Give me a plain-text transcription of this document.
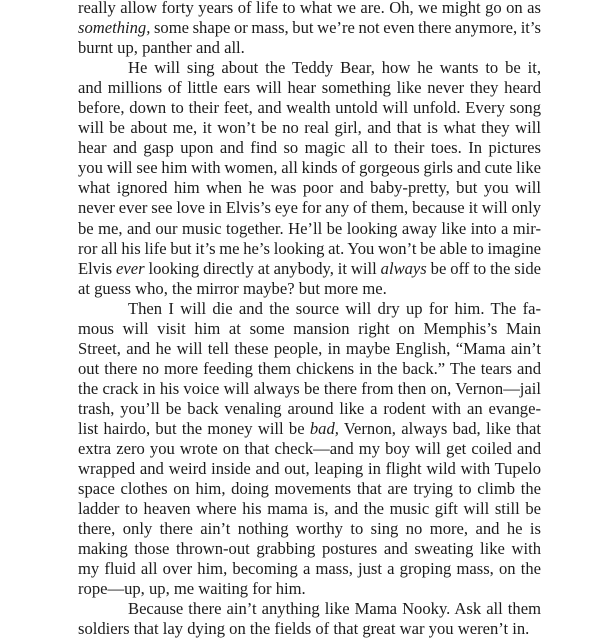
really allow forty years of life to what we are. Oh, we might go on as
something, some shape or mass, but we’re not even there anymore, it’s
burnt up, panther and all.
He will sing about the Teddy Bear, how he wants to be it,
and millions of little ears will hear something like never they heard
before, down to their feet, and wealth untold will unfold. Every song
will be about me, it won’t be no real girl, and that is what they will
hear and gasp upon and find so magic all to their toes. In pictures
you will see him with women, all kinds of gorgeous girls and cute like
what ignored him when he was poor and baby-pretty, but you will
never ever see love in Elvis’s eye for any of them, because it will only
be me, and our music together. He’ll be looking away like into a mir-
ror all his life but it’s me he’s looking at. You won’t be able to imagine
Elvis ever looking directly at anybody, it will always be off to the side
at guess who, the mirror maybe? but more me.
Then I will die and the source will dry up for him. The fa-
mous will visit him at some mansion right on Memphis’s Main
Street, and he will tell these people, in maybe English, “Mama ain’t
out there no more feeding them chickens in the back.” The tears and
the crack in his voice will always be there from then on, Vernon—jail
trash, you’ll be back venaling around like a rodent with an evange-
list hairdo, but the money will be bad, Vernon, always bad, like that
extra zero you wrote on that check—and my boy will get coiled and
wrapped and weird inside and out, leaping in flight wild with Tupelo
space clothes on him, doing movements that are trying to climb the
ladder to heaven where his mama is, and the music gift will still be
there, only there ain’t nothing worthy to sing no more, and he is
making those thrown-out grabbing postures and sweating like with
my fluid all over him, becoming a mass, just a groping mass, on the
rope—up, up, me waiting for him.
Because there ain’t anything like Mama Nooky. Ask all them
soldiers that lay dying on the fields of that great war you weren’t in.
